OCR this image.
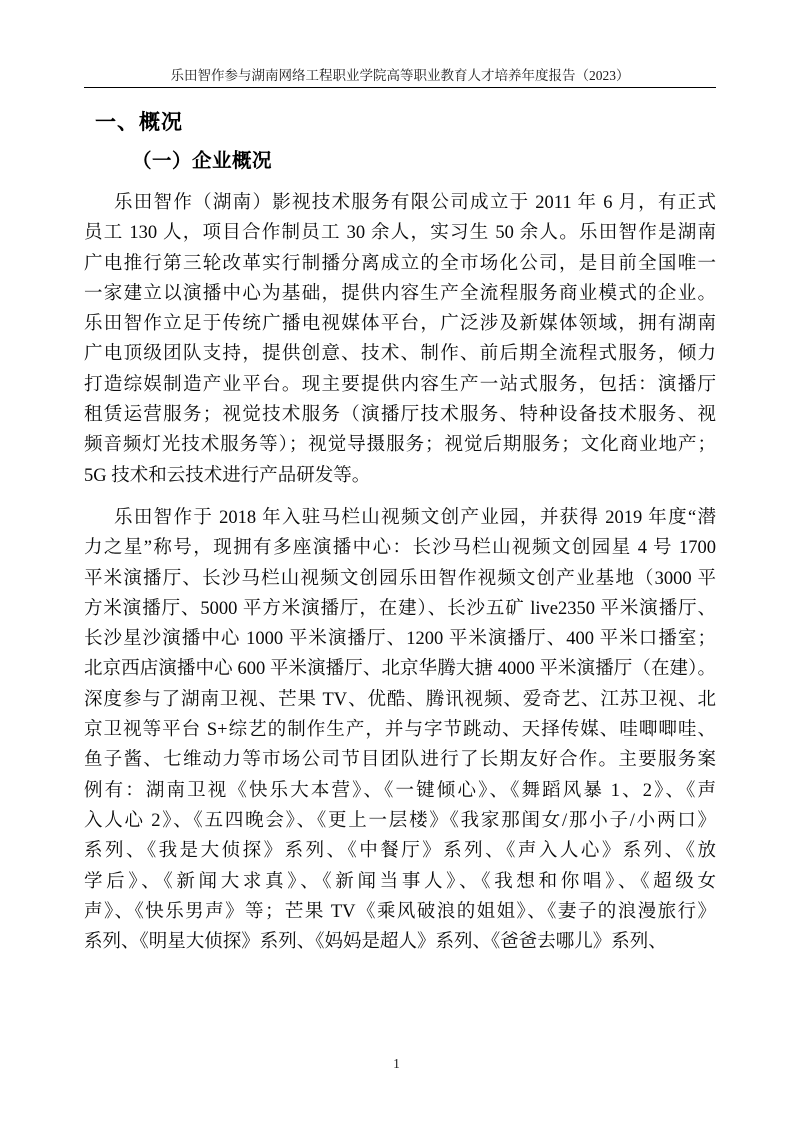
乐田智作参与湖南网络工程职业学院高等职业教育人才培养年度报告（2023）
一、概况
（一）企业概况
乐田智作（湖南）影视技术服务有限公司成立于 2011 年 6 月，有正式
员工 130 人，项目合作制员工 30 余人，实习生 50 余人。乐田智作是湖南
广电推行第三轮改革实行制播分离成立的全市场化公司，是目前全国唯一
一家建立以演播中心为基础，提供内容生产全流程服务商业模式的企业。
乐田智作立足于传统广播电视媒体平台，广泛涉及新媒体领域，拥有湖南
广电顶级团队支持，提供创意、技术、制作、前后期全流程式服务，倾力
打造综娱制造产业平台。现主要提供内容生产一站式服务，包括：演播厅
租赁运营服务；视觉技术服务（演播厅技术服务、特种设备技术服务、视
频音频灯光技术服务等）；视觉导摄服务；视觉后期服务；文化商业地产；
5G 技术和云技术进行产品研发等。
乐田智作于 2018 年入驻马栏山视频文创产业园，并获得 2019 年度“潜
力之星”称号，现拥有多座演播中心：长沙马栏山视频文创园星 4 号 1700
平米演播厅、长沙马栏山视频文创园乐田智作视频文创产业基地（3000 平
方米演播厅、5000 平方米演播厅，在建）、长沙五矿 live2350 平米演播厅、
长沙星沙演播中心 1000 平米演播厅、1200 平米演播厅、400 平米口播室；
北京西店演播中心 600 平米演播厅、北京华腾大搪 4000 平米演播厅（在建）。
深度参与了湖南卫视、芒果 TV、优酷、腾讯视频、爱奇艺、江苏卫视、北
京卫视等平台 S+综艺的制作生产，并与字节跳动、天择传媒、哇唧唧哇、
鱼子酱、七维动力等市场公司节目团队进行了长期友好合作。主要服务案
例有：湖南卫视《快乐大本营》、《一键倾心》、《舞蹈风暴 1、2》、《声
入人心 2》、《五四晚会》、《更上一层楼》《我家那闺女/那小子/小两口》
系列、《我是大侦探》系列、《中餐厅》系列、《声入人心》系列、《放
学后》、《新闻大求真》、《新闻当事人》、《我想和你唱》、《超级女
声》、《快乐男声》等；芒果 TV《乘风破浪的姐姐》、《妻子的浪漫旅行》
系列、《明星大侦探》系列、《妈妈是超人》系列、《爸爸去哪儿》系列、
1
